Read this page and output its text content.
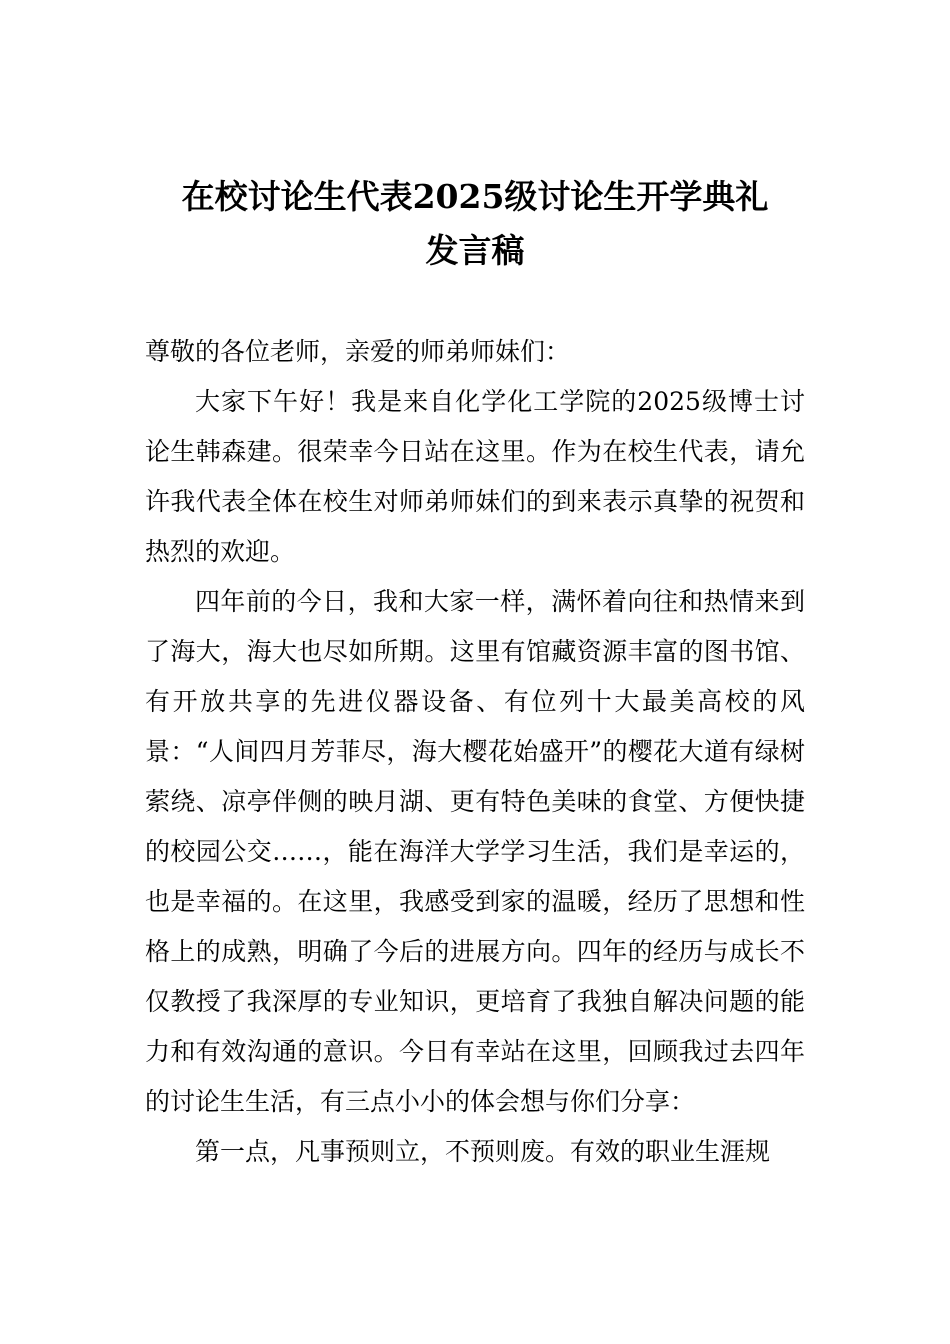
在校讨论生代表2025级讨论生开学典礼
发言稿

尊敬的各位老师，亲爱的师弟师妹们：

大家下午好！我是来自化学化工学院的2025级博士讨论生韩森建。很荣幸今日站在这里。作为在校生代表，请允许我代表全体在校生对师弟师妹们的到来表示真挚的祝贺和热烈的欢迎。

四年前的今日，我和大家一样，满怀着向往和热情来到了海大，海大也尽如所期。这里有馆藏资源丰富的图书馆、有开放共享的先进仪器设备、有位列十大最美高校的风景：“人间四月芳菲尽，海大樱花始盛开”的樱花大道有绿树萦绕、凉亭伴侧的映月湖、更有特色美味的食堂、方便快捷的校园公交……，能在海洋大学学习生活，我们是幸运的，也是幸福的。在这里，我感受到家的温暖，经历了思想和性格上的成熟，明确了今后的进展方向。四年的经历与成长不仅教授了我深厚的专业知识，更培育了我独自解决问题的能力和有效沟通的意识。今日有幸站在这里，回顾我过去四年的讨论生生活，有三点小小的体会想与你们分享：

第一点，凡事预则立，不预则废。有效的职业生涯规
